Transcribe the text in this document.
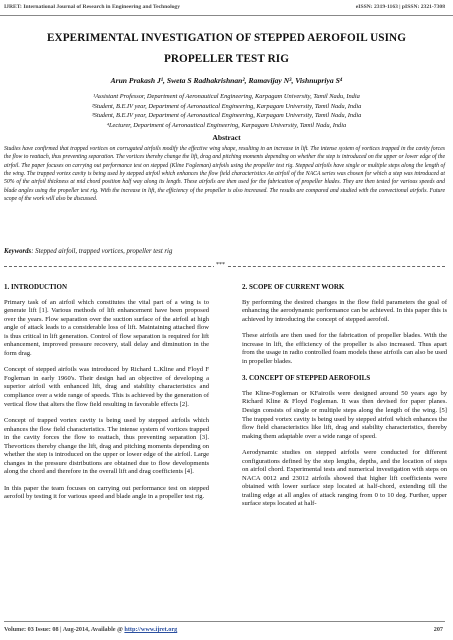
IJRET: International Journal of Research in Engineering and Technology	eISSN: 2319-1163 | pISSN: 2321-7308
EXPERIMENTAL INVESTIGATION OF STEPPED AEROFOIL USING PROPELLER TEST RIG
Arun Prakash J¹, Sweta S Radhakrishnan², Ramavijay N³, Vishnupriya S⁴
¹Assistant Professor, Department of Aeronautical Engineering, Karpagam University, Tamil Nadu, India
²Student, B.E.IV year, Department of Aeronautical Engineering, Karpagam University, Tamil Nadu, India
³Student, B.E.IV year, Department of Aeronautical Engineering, Karpagam University, Tamil Nadu, India
⁴Lecturer, Department of Aeronautical Engineering, Karpagam University, Tamil Nadu, India
Abstract
Studies have confirmed that trapped vortices on corrugated airfoils modify the effective wing shape, resulting in an increase in lift. The intense system of vortices trapped in the cavity forces the flow to reattach, thus preventing separation. The vortices thereby change the lift, drag and pitching moments depending on whether the step is introduced on the upper or lower edge of the airfoil. The paper focuses on carrying out performance test on stepped (Kline Fogleman) airfoils using the propeller test rig. Stepped airfoils have single or multiple steps along the length of the wing. The trapped vortex cavity is being used by stepped airfoil which enhances the flow field characteristics An airfoil of the NACA series was chosen for which a step was introduced at 50% of the airfoil thickness at mid chord position half way along its length. These airfoils are then used for the fabrication of propeller blades. They are then tested for various speeds and blade angles using the propeller test rig. With the increase in lift, the efficiency of the propeller is also increased. The results are compared and studied with the convectional airfoils. Future scope of the work will also be discussed.
Keywords: Stepped airfoil, trapped vortices, propeller test rig
***
1. INTRODUCTION
Primary task of an airfoil which constitutes the vital part of a wing is to generate lift [1]. Various methods of lift enhancement have been proposed over the years. Flow separation over the suction surface of the airfoil at high angle of attack leads to a considerable loss of lift. Maintaining attached flow is thus critical in lift generation. Control of flow separation is required for lift enhancement, improved pressure recovery, stall delay and diminution in the form drag.
Concept of stepped airfoils was introduced by Richard L.Kline and Floyd F Fogleman in early 1960's. Their design had an objective of developing a superior airfoil with enhanced lift, drag and stability characteristics and compliance over a wide range of speeds. This is achieved by the generation of vertical flow that alters the flow field resulting in favorable effects [2].
Concept of trapped vortex cavity is being used by stepped airfoils which enhances the flow field characteristics. The intense system of vortices trapped in the cavity forces the flow to reattach, thus preventing separation [3]. Thevortices thereby change the lift, drag and pitching moments depending on whether the step is introduced on the upper or lower edge of the airfoil. Large changes in the pressure distributions are obtained due to flow developments along the chord and therefore in the overall lift and drag coefficients [4].
In this paper the team focuses on carrying out performance test on stepped aerofoil by testing it for various speed and blade angle in a propeller test rig.
2. SCOPE OF CURRENT WORK
By performing the desired changes in the flow field parameters the goal of enhancing the aerodynamic performance can be achieved. In this paper this is achieved by introducing the concept of stepped aerofoil.
These airfoils are then used for the fabrication of propeller blades. With the increase in lift, the efficiency of the propeller is also increased. Thus apart from the usage in radio controlled foam models these airfoils can also be used in propeller blades.
3. CONCEPT OF STEPPED AEROFOILS
The Kline-Fogleman or KFairoils were designed around 50 years ago by Richard Kline & Floyd Fogleman. It was then devised for paper planes. Design consists of single or multiple steps along the length of the wing. [5] The trapped vortex cavity is being used by stepped airfoil which enhances the flow field characteristics like lift, drag and stability characteristics, thereby making them adaptable over a wide range of speed.
Aerodynamic studies on stepped airfoils were conducted for different configurations defined by the step lengths, depths, and the location of steps on airfoil chord. Experimental tests and numerical investigation with steps on NACA 0012 and 23012 airfoils showed that higher lift coefficients were obtained with lower surface step located at half-chord, extending till the trailing edge at all angles of attack ranging from 0 to 10 deg. Further, upper surface steps located at half-
Volume: 03 Issue: 08 | Aug-2014, Available @ http://www.ijret.org	207
